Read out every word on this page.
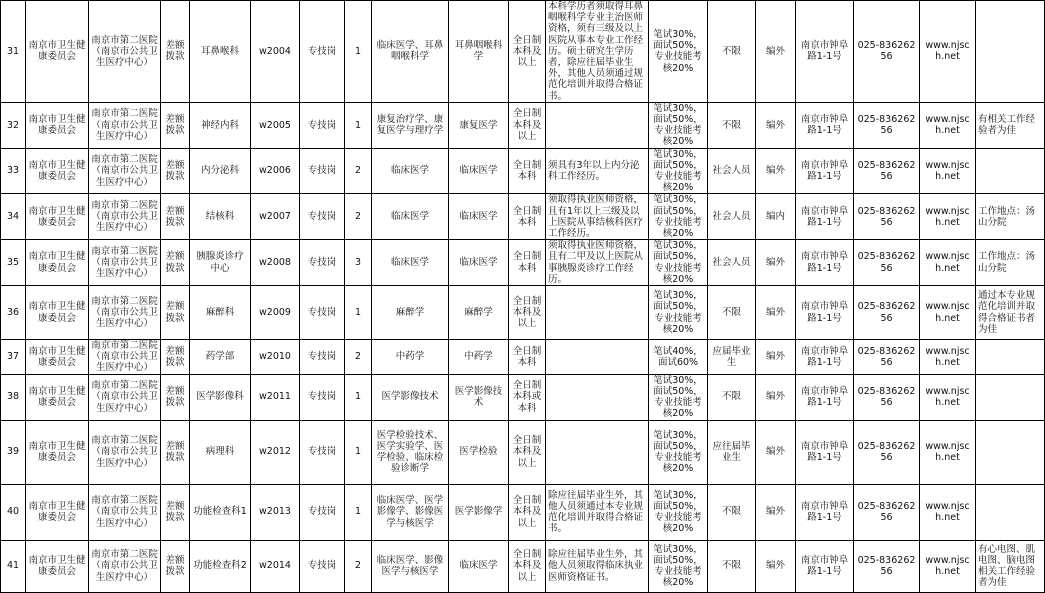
31	南京市卫生健康委员会	南京市第二医院（南京市公共卫生医疗中心）	差额拨款	耳鼻喉科	w2004	专技岗	1	临床医学、耳鼻咽喉科学	耳鼻咽喉科学	全日制本科及以上	本科学历者须取得耳鼻咽喉科学专业主治医师资格，须有三级及以上医院从事本专业工作经历。硕士研究生学历者，除应往届毕业生外，其他人员须通过规范化培训并取得合格证书。	笔试30%，面试50%，专业技能考核20%	不限	编外	南京市钟阜路1-1号	025-83626256	www.njsch.net	
32	南京市卫生健康委员会	南京市第二医院（南京市公共卫生医疗中心）	差额拨款	神经内科	w2005	专技岗	1	康复治疗学、康复医学与理疗学	康复医学	全日制本科及以上		笔试30%，面试50%，专业技能考核20%	不限	编外	南京市钟阜路1-1号	025-83626256	www.njsch.net	有相关工作经验者为佳
33	南京市卫生健康委员会	南京市第二医院（南京市公共卫生医疗中心）	差额拨款	内分泌科	w2006	专技岗	2	临床医学	临床医学	全日制本科	须具有3年以上内分泌科工作经历。	笔试30%，面试50%，专业技能考核20%	社会人员	编外	南京市钟阜路1-1号	025-83626256	www.njsch.net	
34	南京市卫生健康委员会	南京市第二医院（南京市公共卫生医疗中心）	差额拨款	结核科	w2007	专技岗	2	临床医学	临床医学	全日制本科	须取得执业医师资格，且有1年以上三级及以上医院从事结核科医疗工作经历。	笔试30%，面试50%，专业技能考核20%	社会人员	编内	南京市钟阜路1-1号	025-83626256	www.njsch.net	工作地点：汤山分院
35	南京市卫生健康委员会	南京市第二医院（南京市公共卫生医疗中心）	差额拨款	胰腺炎诊疗中心	w2008	专技岗	3	临床医学	临床医学	全日制本科	须取得执业医师资格，且有二甲及以上医院从事胰腺炎诊疗工作经历。	笔试30%，面试50%，专业技能考核20%	社会人员	编外	南京市钟阜路1-1号	025-83626256	www.njsch.net	工作地点：汤山分院
36	南京市卫生健康委员会	南京市第二医院（南京市公共卫生医疗中心）	差额拨款	麻醉科	w2009	专技岗	1	麻醉学	麻醉学	全日制本科及以上		笔试30%，面试50%，专业技能考核20%	不限	编外	南京市钟阜路1-1号	025-83626256	www.njsch.net	通过本专业规范化培训并取得合格证书者为佳
37	南京市卫生健康委员会	南京市第二医院（南京市公共卫生医疗中心）	差额拨款	药学部	w2010	专技岗	2	中药学	中药学	全日制本科		笔试40%，面试60%	应届毕业生	编外	南京市钟阜路1-1号	025-83626256	www.njsch.net	
38	南京市卫生健康委员会	南京市第二医院（南京市公共卫生医疗中心）	差额拨款	医学影像科	w2011	专技岗	1	医学影像技术	医学影像技术	全日制本科或本科		笔试30%，面试50%，专业技能考核20%	不限	编外	南京市钟阜路1-1号	025-83626256	www.njsch.net	
39	南京市卫生健康委员会	南京市第二医院（南京市公共卫生医疗中心）	差额拨款	病理科	w2012	专技岗	1	医学检验技术、医学实验学、医学检验、临床检验诊断学	医学检验	全日制本科及以上		笔试30%，面试50%，专业技能考核20%	应往届毕业生	编外	南京市钟阜路1-1号	025-83626256	www.njsch.net	
40	南京市卫生健康委员会	南京市第二医院（南京市公共卫生医疗中心）	差额拨款	功能检查科1	w2013	专技岗	1	临床医学、医学影像学、影像医学与核医学	医学影像学	全日制本科及以上	除应往届毕业生外，其他人员须通过本专业规范化培训并取得合格证书。	笔试30%，面试50%，专业技能考核20%	不限	编外	南京市钟阜路1-1号	025-83626256	www.njsch.net	
41	南京市卫生健康委员会	南京市第二医院（南京市公共卫生医疗中心）	差额拨款	功能检查科2	w2014	专技岗	2	临床医学、影像医学与核医学	临床医学	全日制本科及以上	除应往届毕业生外，其他人员须取得临床执业医师资格证书。	笔试30%，面试50%，专业技能考核20%	不限	编外	南京市钟阜路1-1号	025-83626256	www.njsch.net	有心电图、肌电图、脑电图相关工作经验者为佳
